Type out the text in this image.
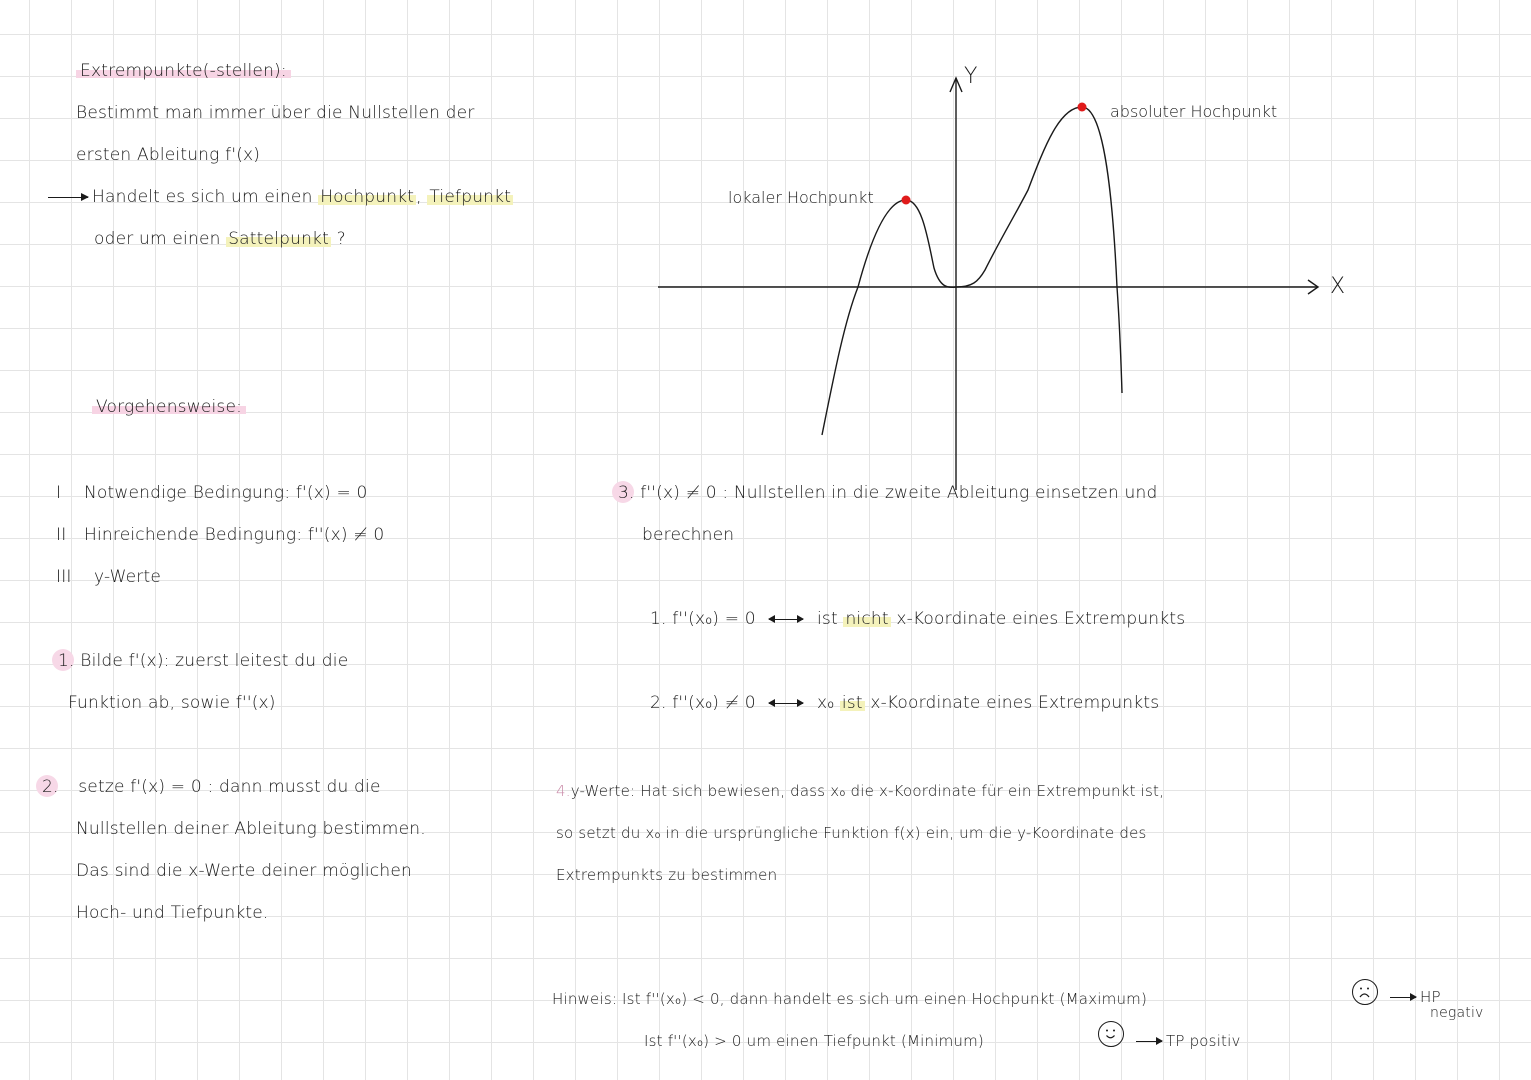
Extrempunkte(-stellen):
Bestimmt man immer über die Nullstellen der
ersten Ableitung f'(x)
Handelt es sich um einen Hochpunkt , Tiefpunkt
oder um einen Sattelpunkt ?
Vorgehensweise:
I Notwendige Bedingung: f'(x) = 0
II Hinreichende Bedingung: f''(x) ≠ 0
III y-Werte
1. Bilde f'(x): zuerst leitest du die
Funktion ab, sowie f''(x)
2. setze f'(x) = 0 : dann musst du die
Nullstellen deiner Ableitung bestimmen.
Das sind die x-Werte deiner möglichen
Hoch- und Tiefpunkte.
3. f''(x) ≠ 0 : Nullstellen in die zweite Ableitung einsetzen und
berechnen
1. f''(x₀) = 0	ist nicht x-Koordinate eines Extrempunkts
2. f''(x₀) ≠ 0	x₀ ist x-Koordinate eines Extrempunkts
4.y-Werte: Hat sich bewiesen, dass x₀ die x-Koordinate für ein Extrempunkt ist,
so setzt du x₀ in die ursprüngliche Funktion f(x) ein, um die y-Koordinate des
Extrempunkts zu bestimmen
Hinweis: Ist f''(x₀) < 0, dann handelt es sich um einen Hochpunkt (Maximum)	HP
negativ
Ist f''(x₀) > 0 um einen Tiefpunkt (Minimum)	TP positiv
Y
X
lokaler Hochpunkt
absoluter Hochpunkt
